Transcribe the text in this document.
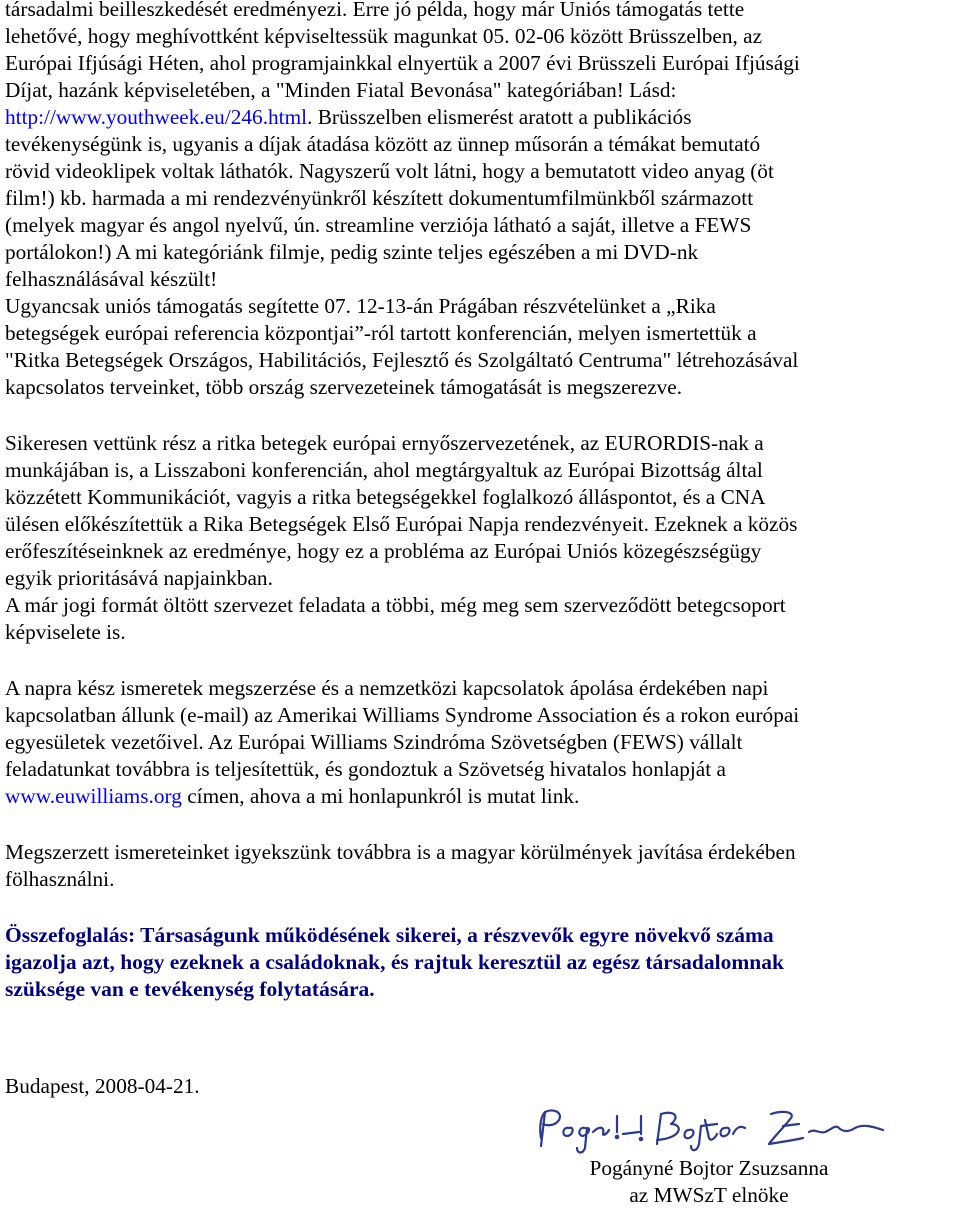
társadalmi beilleszkedését eredményezi. Erre jó példa, hogy már Uniós támogatás tette
lehetővé, hogy meghívottként képviseltessük magunkat 05. 02-06 között Brüsszelben, az
Európai Ifjúsági Héten, ahol programjainkkal elnyertük a 2007 évi Brüsszeli Európai Ifjúsági
Díjat, hazánk képviseletében, a "Minden Fiatal Bevonása" kategóriában! Lásd:
http://www.youthweek.eu/246.html. Brüsszelben elismerést aratott a publikációs
tevékenységünk is, ugyanis a díjak átadása között az ünnep műsorán a témákat bemutató
rövid videoklipek voltak láthatók. Nagyszerű volt látni, hogy a bemutatott video anyag (öt
film!) kb. harmada a mi rendezvényünkről készített dokumentumfilmünkből származott
(melyek magyar és angol nyelvű, ún. streamline verziója látható a saját, illetve a FEWS
portálokon!) A mi kategóriánk filmje, pedig szinte teljes egészében a mi DVD-nk
felhasználásával készült!
Ugyancsak uniós támogatás segítette 07. 12-13-án Prágában részvételünket a „Rika
betegségek európai referencia központjai”-ról tartott konferencián, melyen ismertettük a
"Ritka Betegségek Országos, Habilitációs, Fejlesztő és Szolgáltató Centruma" létrehozásával
kapcsolatos terveinket, több ország szervezeteinek támogatását is megszerezve.
Sikeresen vettünk rész a ritka betegek európai ernyőszervezetének, az EURORDIS-nak a
munkájában is, a Lisszaboni konferencián, ahol megtárgyaltuk az Európai Bizottság által
közzétett Kommunikációt, vagyis a ritka betegségekkel foglalkozó álláspontot, és a CNA
ülésen előkészítettük a Rika Betegségek Első Európai Napja rendezvényeit. Ezeknek a közös
erőfeszítéseinknek az eredménye, hogy ez a probléma az Európai Uniós közegészségügy
egyik prioritásává napjainkban.
A már jogi formát öltött szervezet feladata a többi, még meg sem szerveződött betegcsoport
képviselete is.
A napra kész ismeretek megszerzése és a nemzetközi kapcsolatok ápolása érdekében napi
kapcsolatban állunk (e-mail) az Amerikai Williams Syndrome Association és a rokon európai
egyesületek vezetőivel. Az Európai Williams Szindróma Szövetségben (FEWS) vállalt
feladatunkat továbbra is teljesítettük, és gondoztuk a Szövetség hivatalos honlapját a
www.euwilliams.org címen, ahova a mi honlapunkról is mutat link.
Megszerzett ismereteinket igyekszünk továbbra is a magyar körülmények javítása érdekében
fölhasználni.
Összefoglalás: Társaságunk működésének sikerei, a részvevők egyre növekvő száma
igazolja azt, hogy ezeknek a családoknak, és rajtuk keresztül az egész társadalomnak
szüksége van e tevékenység folytatására.
Budapest, 2008-04-21.
Pogányné Bojtor Zsuzsanna
az MWSzT elnöke
